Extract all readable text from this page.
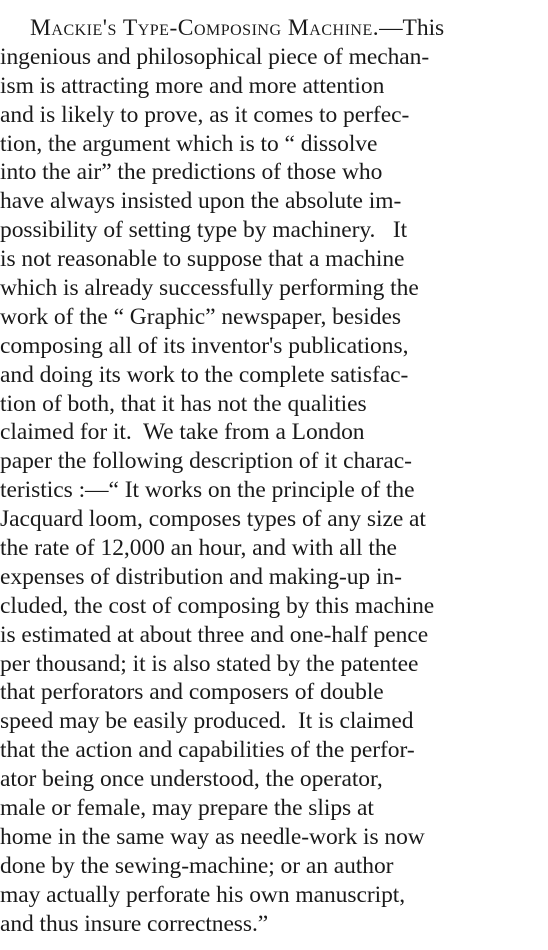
Mackie's Type-Composing Machine.—This
ingenious and philosophical piece of mechan-
ism is attracting more and more attention
and is likely to prove, as it comes to perfec-
tion, the argument which is to “ dissolve
into the air” the predictions of those who
have always insisted upon the absolute im-
possibility of setting type by machinery.   It
is not reasonable to suppose that a machine
which is already successfully performing the
work of the “ Graphic” newspaper, besides
composing all of its inventor's publications,
and doing its work to the complete satisfac-
tion of both, that it has not the qualities
claimed for it.  We take from a London
paper the following description of it charac-
teristics :—“ It works on the principle of the
Jacquard loom, composes types of any size at
the rate of 12,000 an hour, and with all the
expenses of distribution and making-up in-
cluded, the cost of composing by this machine
is estimated at about three and one-half pence
per thousand; it is also stated by the patentee
that perforators and composers of double
speed may be easily produced.  It is claimed
that the action and capabilities of the perfor-
ator being once understood, the operator,
male or female, may prepare the slips at
home in the same way as needle-work is now
done by the sewing-machine; or an author
may actually perforate his own manuscript,
and thus insure correctness.”
